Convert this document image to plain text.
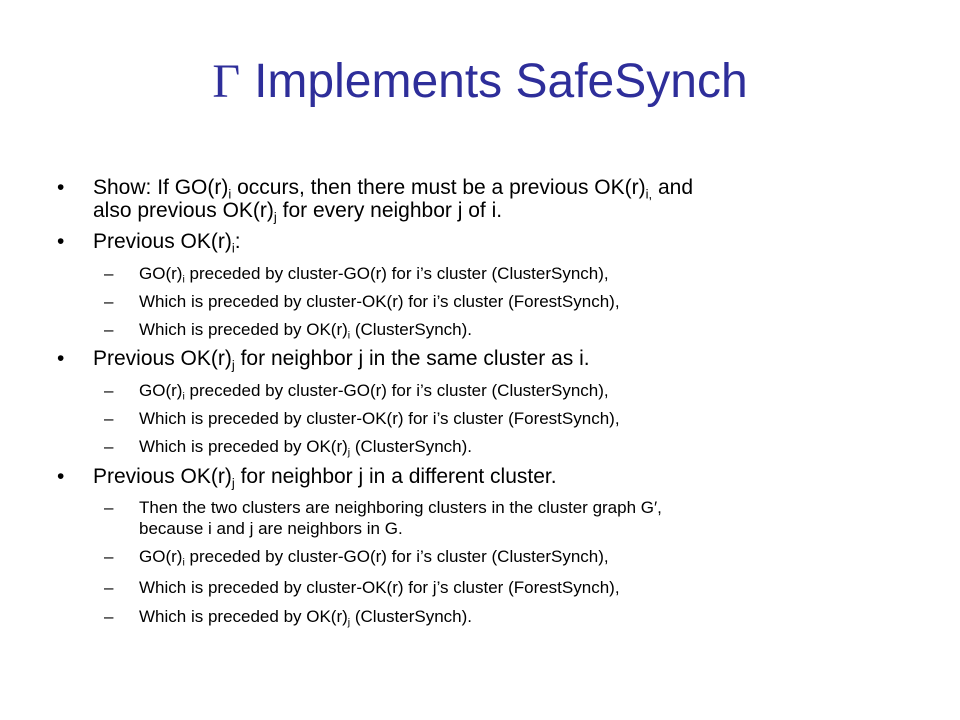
Γ Implements SafeSynch
• Show: If $GO(r)_i$ occurs, then there must be a previous $OK(r)_{i,}$ and
also previous $OK(r)_j$ for every neighbor j of i.
• Previous $OK(r)_i$:
– $GO(r)_i$ preceded by cluster-GO(r) for i’s cluster (ClusterSynch),
– Which is preceded by cluster-OK(r) for i’s cluster (ForestSynch),
– Which is preceded by $OK(r)_i$ (ClusterSynch).
• Previous $OK(r)_j$ for neighbor j in the same cluster as i.
– $GO(r)_i$ preceded by cluster-GO(r) for i’s cluster (ClusterSynch),
– Which is preceded by cluster-OK(r) for i’s cluster (ForestSynch),
– Which is preceded by $OK(r)_j$ (ClusterSynch).
• Previous $OK(r)_j$ for neighbor j in a different cluster.
– Then the two clusters are neighboring clusters in the cluster graph G′,
because i and j are neighbors in G.
– $GO(r)_i$ preceded by cluster-GO(r) for i’s cluster (ClusterSynch),
– Which is preceded by cluster-OK(r) for j’s cluster (ForestSynch),
– Which is preceded by $OK(r)_j$ (ClusterSynch).
